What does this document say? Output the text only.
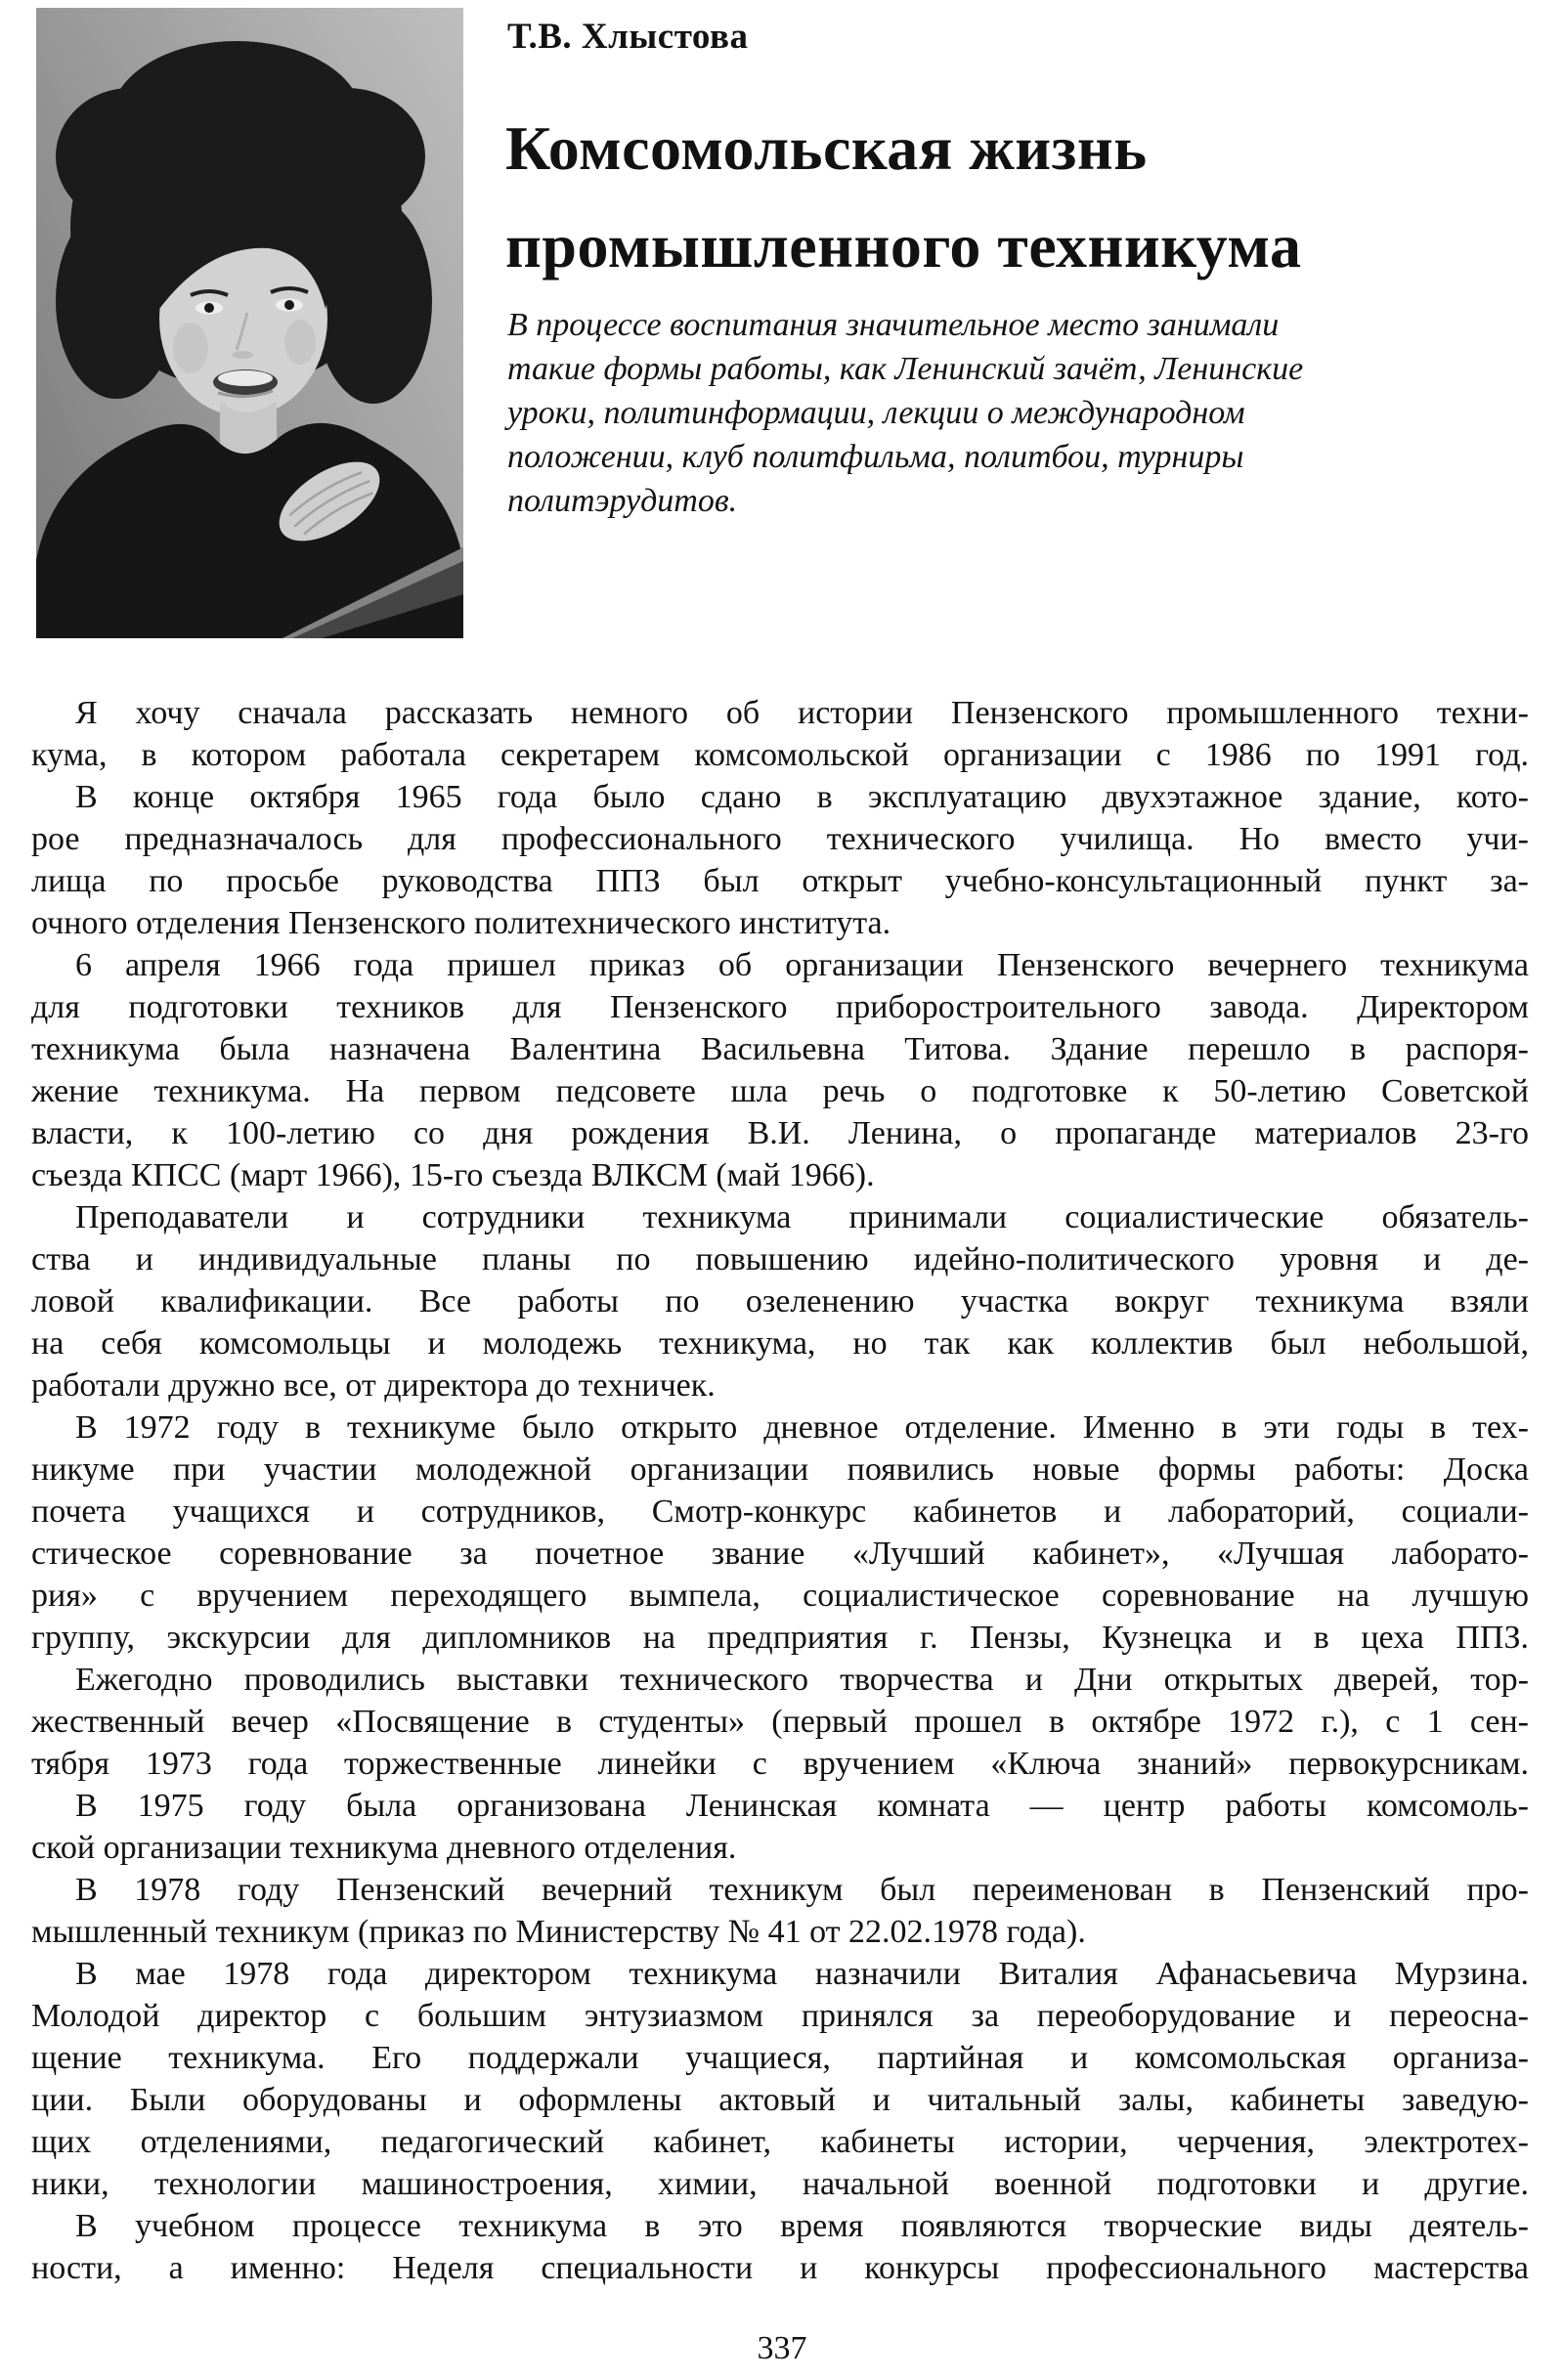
Т.В. Хлыстова
Комсомольская жизнь
промышленного техникума
В процессе воспитания значительное место занимали
такие формы работы, как Ленинский зачёт, Ленинские
уроки, политинформации, лекции о международном
положении, клуб политфильма, политбои, турниры
политэрудитов.

Я хочу сначала рассказать немного об истории Пензенского промышленного техни-
кума, в котором работала секретарем комсомольской организации с 1986 по 1991 год.

В конце октября 1965 года было сдано в эксплуатацию двухэтажное здание, кото-
рое предназначалось для профессионального технического училища. Но вместо учи-
лища по просьбе руководства ППЗ был открыт учебно-консультационный пункт за-
очного отделения Пензенского политехнического института.

6 апреля 1966 года пришел приказ об организации Пензенского вечернего техникума
для подготовки техников для Пензенского приборостроительного завода. Директором
техникума была назначена Валентина Васильевна Титова. Здание перешло в распоря-
жение техникума. На первом педсовете шла речь о подготовке к 50-летию Советской
власти, к 100-летию со дня рождения В.И. Ленина, о пропаганде материалов 23-го
съезда КПСС (март 1966), 15-го съезда ВЛКСМ (май 1966).

Преподаватели и сотрудники техникума принимали социалистические обязатель-
ства и индивидуальные планы по повышению идейно-политического уровня и де-
ловой квалификации. Все работы по озеленению участка вокруг техникума взяли
на себя комсомольцы и молодежь техникума, но так как коллектив был небольшой,
работали дружно все, от директора до техничек.

В 1972 году в техникуме было открыто дневное отделение. Именно в эти годы в тех-
никуме при участии молодежной организации появились новые формы работы: Доска
почета учащихся и сотрудников, Смотр-конкурс кабинетов и лабораторий, социали-
стическое соревнование за почетное звание «Лучший кабинет», «Лучшая лаборато-
рия» с вручением переходящего вымпела, социалистическое соревнование на лучшую
группу, экскурсии для дипломников на предприятия г. Пензы, Кузнецка и в цеха ППЗ.

Ежегодно проводились выставки технического творчества и Дни открытых дверей, тор-
жественный вечер «Посвящение в студенты» (первый прошел в октябре 1972 г.), с 1 сен-
тября 1973 года торжественные линейки с вручением «Ключа знаний» первокурсникам.

В 1975 году была организована Ленинская комната — центр работы комсомоль-
ской организации техникума дневного отделения.

В 1978 году Пензенский вечерний техникум был переименован в Пензенский про-
мышленный техникум (приказ по Министерству № 41 от 22.02.1978 года).

В мае 1978 года директором техникума назначили Виталия Афанасьевича Мурзина.
Молодой директор с большим энтузиазмом принялся за переоборудование и переосна-
щение техникума. Его поддержали учащиеся, партийная и комсомольская организа-
ции. Были оборудованы и оформлены актовый и читальный залы, кабинеты заведую-
щих отделениями, педагогический кабинет, кабинеты истории, черчения, электротех-
ники, технологии машиностроения, химии, начальной военной подготовки и другие.

В учебном процессе техникума в это время появляются творческие виды деятель-
ности, а именно: Неделя специальности и конкурсы профессионального мастерства

337
